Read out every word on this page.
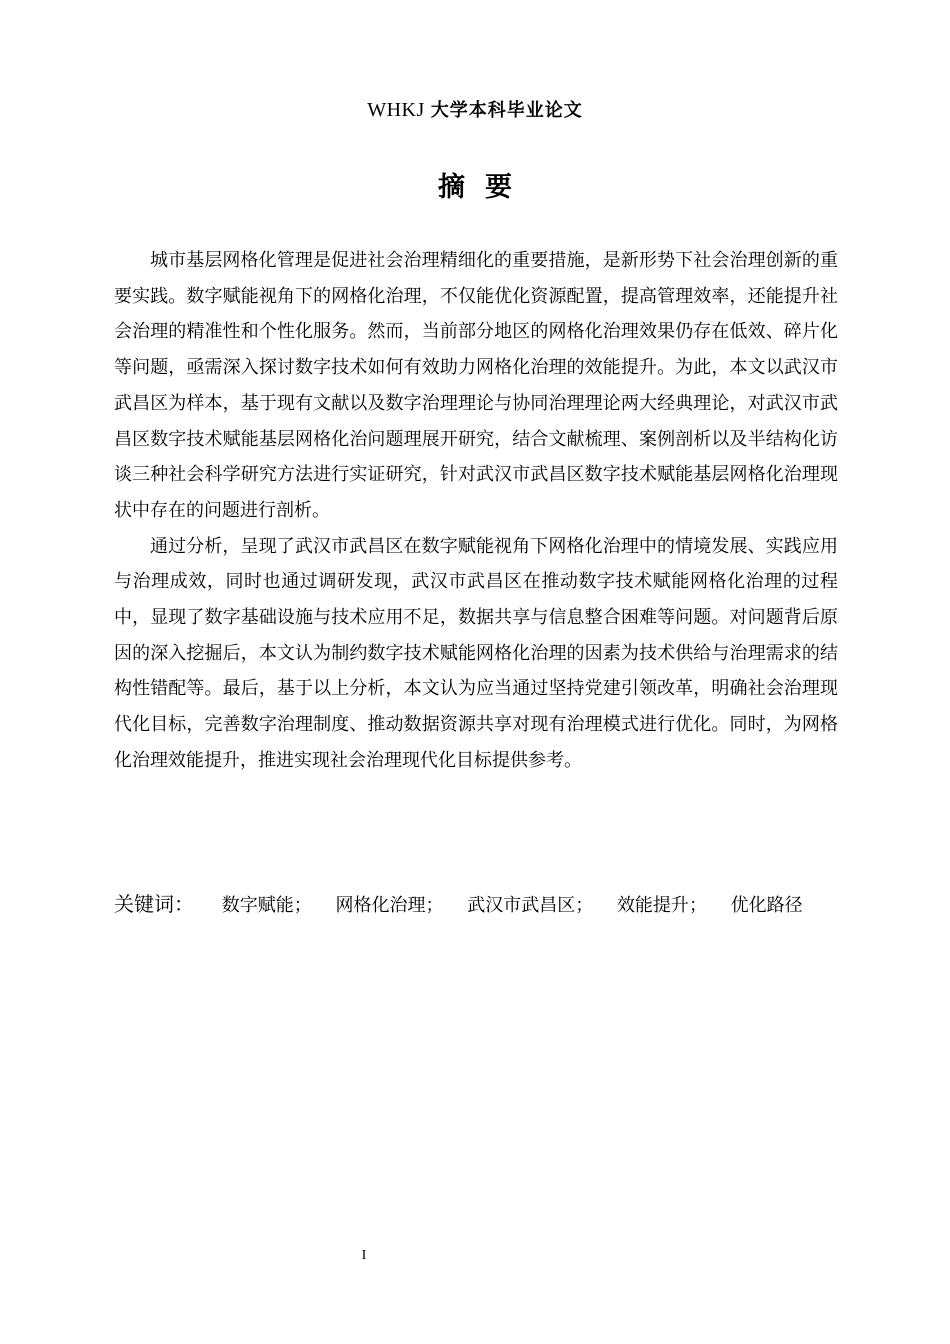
WHKJ 大学本科毕业论文
摘要

城市基层网格化管理是促进社会治理精细化的重要措施，是新形势下社会治理创新的重要实践。数字赋能视角下的网格化治理，不仅能优化资源配置，提高管理效率，还能提升社会治理的精准性和个性化服务。然而，当前部分地区的网格化治理效果仍存在低效、碎片化等问题，亟需深入探讨数字技术如何有效助力网格化治理的效能提升。为此，本文以武汉市武昌区为样本，基于现有文献以及数字治理理论与协同治理理论两大经典理论，对武汉市武昌区数字技术赋能基层网格化治问题理展开研究，结合文献梳理、案例剖析以及半结构化访谈三种社会科学研究方法进行实证研究，针对武汉市武昌区数字技术赋能基层网格化治理现状中存在的问题进行剖析。

通过分析，呈现了武汉市武昌区在数字赋能视角下网格化治理中的情境发展、实践应用与治理成效，同时也通过调研发现，武汉市武昌区在推动数字技术赋能网格化治理的过程中，显现了数字基础设施与技术应用不足，数据共享与信息整合困难等问题。对问题背后原因的深入挖掘后，本文认为制约数字技术赋能网格化治理的因素为技术供给与治理需求的结构性错配等。最后，基于以上分析，本文认为应当通过坚持党建引领改革，明确社会治理现代化目标，完善数字治理制度、推动数据资源共享对现有治理模式进行优化。同时，为网格化治理效能提升，推进实现社会治理现代化目标提供参考。

关键词： 数字赋能； 网格化治理； 武汉市武昌区； 效能提升； 优化路径
I
